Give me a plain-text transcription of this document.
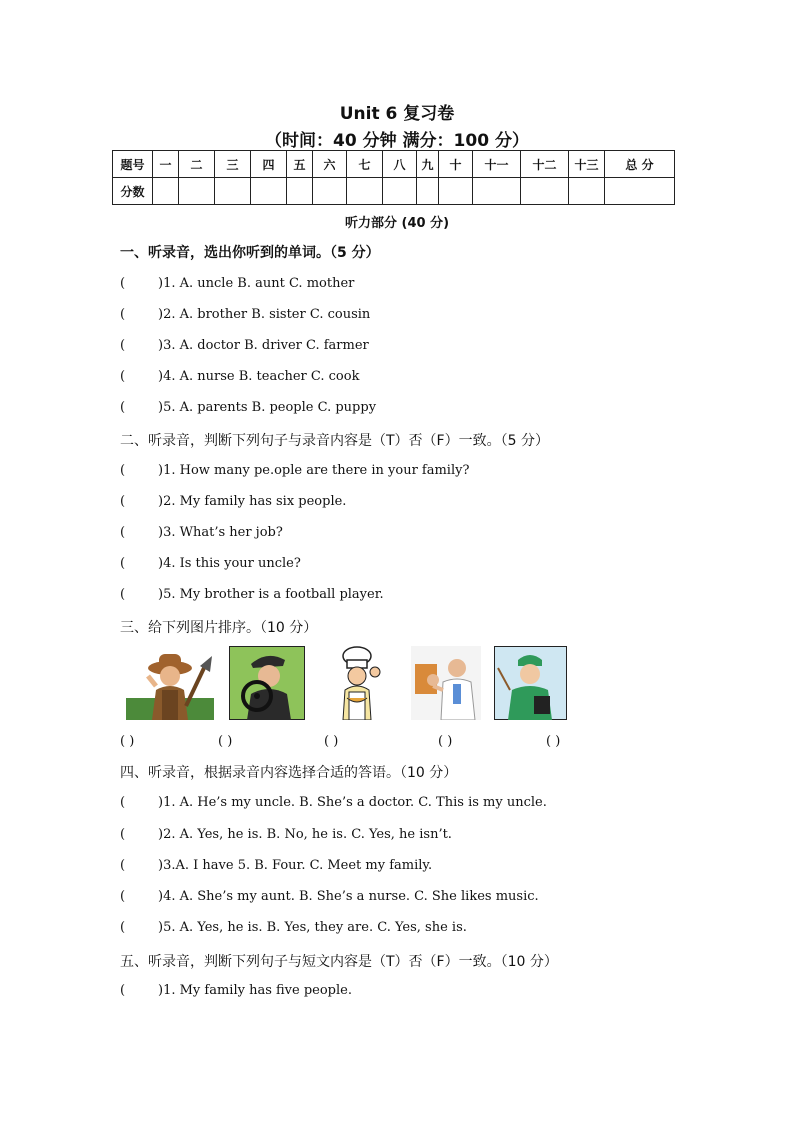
Unit 6 复习卷
（时间：40 分钟 满分：100 分）
题号	一	二	三	四	五	六	七	八	九	十	十一	十二	十三	总 分
分数														
听力部分 (40 分)
一、听录音，选出你听到的单词。（5 分）
(	)1. A. uncle B. aunt C. mother
(	)2. A. brother B. sister C. cousin
(	)3. A. doctor B. driver C. farmer
(	)4. A. nurse B. teacher C. cook
(	)5. A. parents B. people C. puppy
二、听录音，判断下列句子与录音内容是（T）否（F）一致。（5 分）
(	)1. How many pe.ople are there in your family?
(	)2. My family has six people.
(	)3. What’s her job?
(	)4. Is this your uncle?
(	)5. My brother is a football player.
三、给下列图片排序。（10 分）
( )	( )	( )	( )	( )
四、听录音，根据录音内容选择合适的答语。（10 分）
(	)1. A. He’s my uncle. B. She’s a doctor. C. This is my uncle.
(	)2. A. Yes, he is. B. No, he is. C. Yes, he isn’t.
(	)3.A. I have 5. B. Four. C. Meet my family.
(	)4. A. She’s my aunt. B. She’s a nurse. C. She likes music.
(	)5. A. Yes, he is. B. Yes, they are. C. Yes, she is.
五、听录音，判断下列句子与短文内容是（T）否（F）一致。（10 分）
(	)1. My family has five people.
